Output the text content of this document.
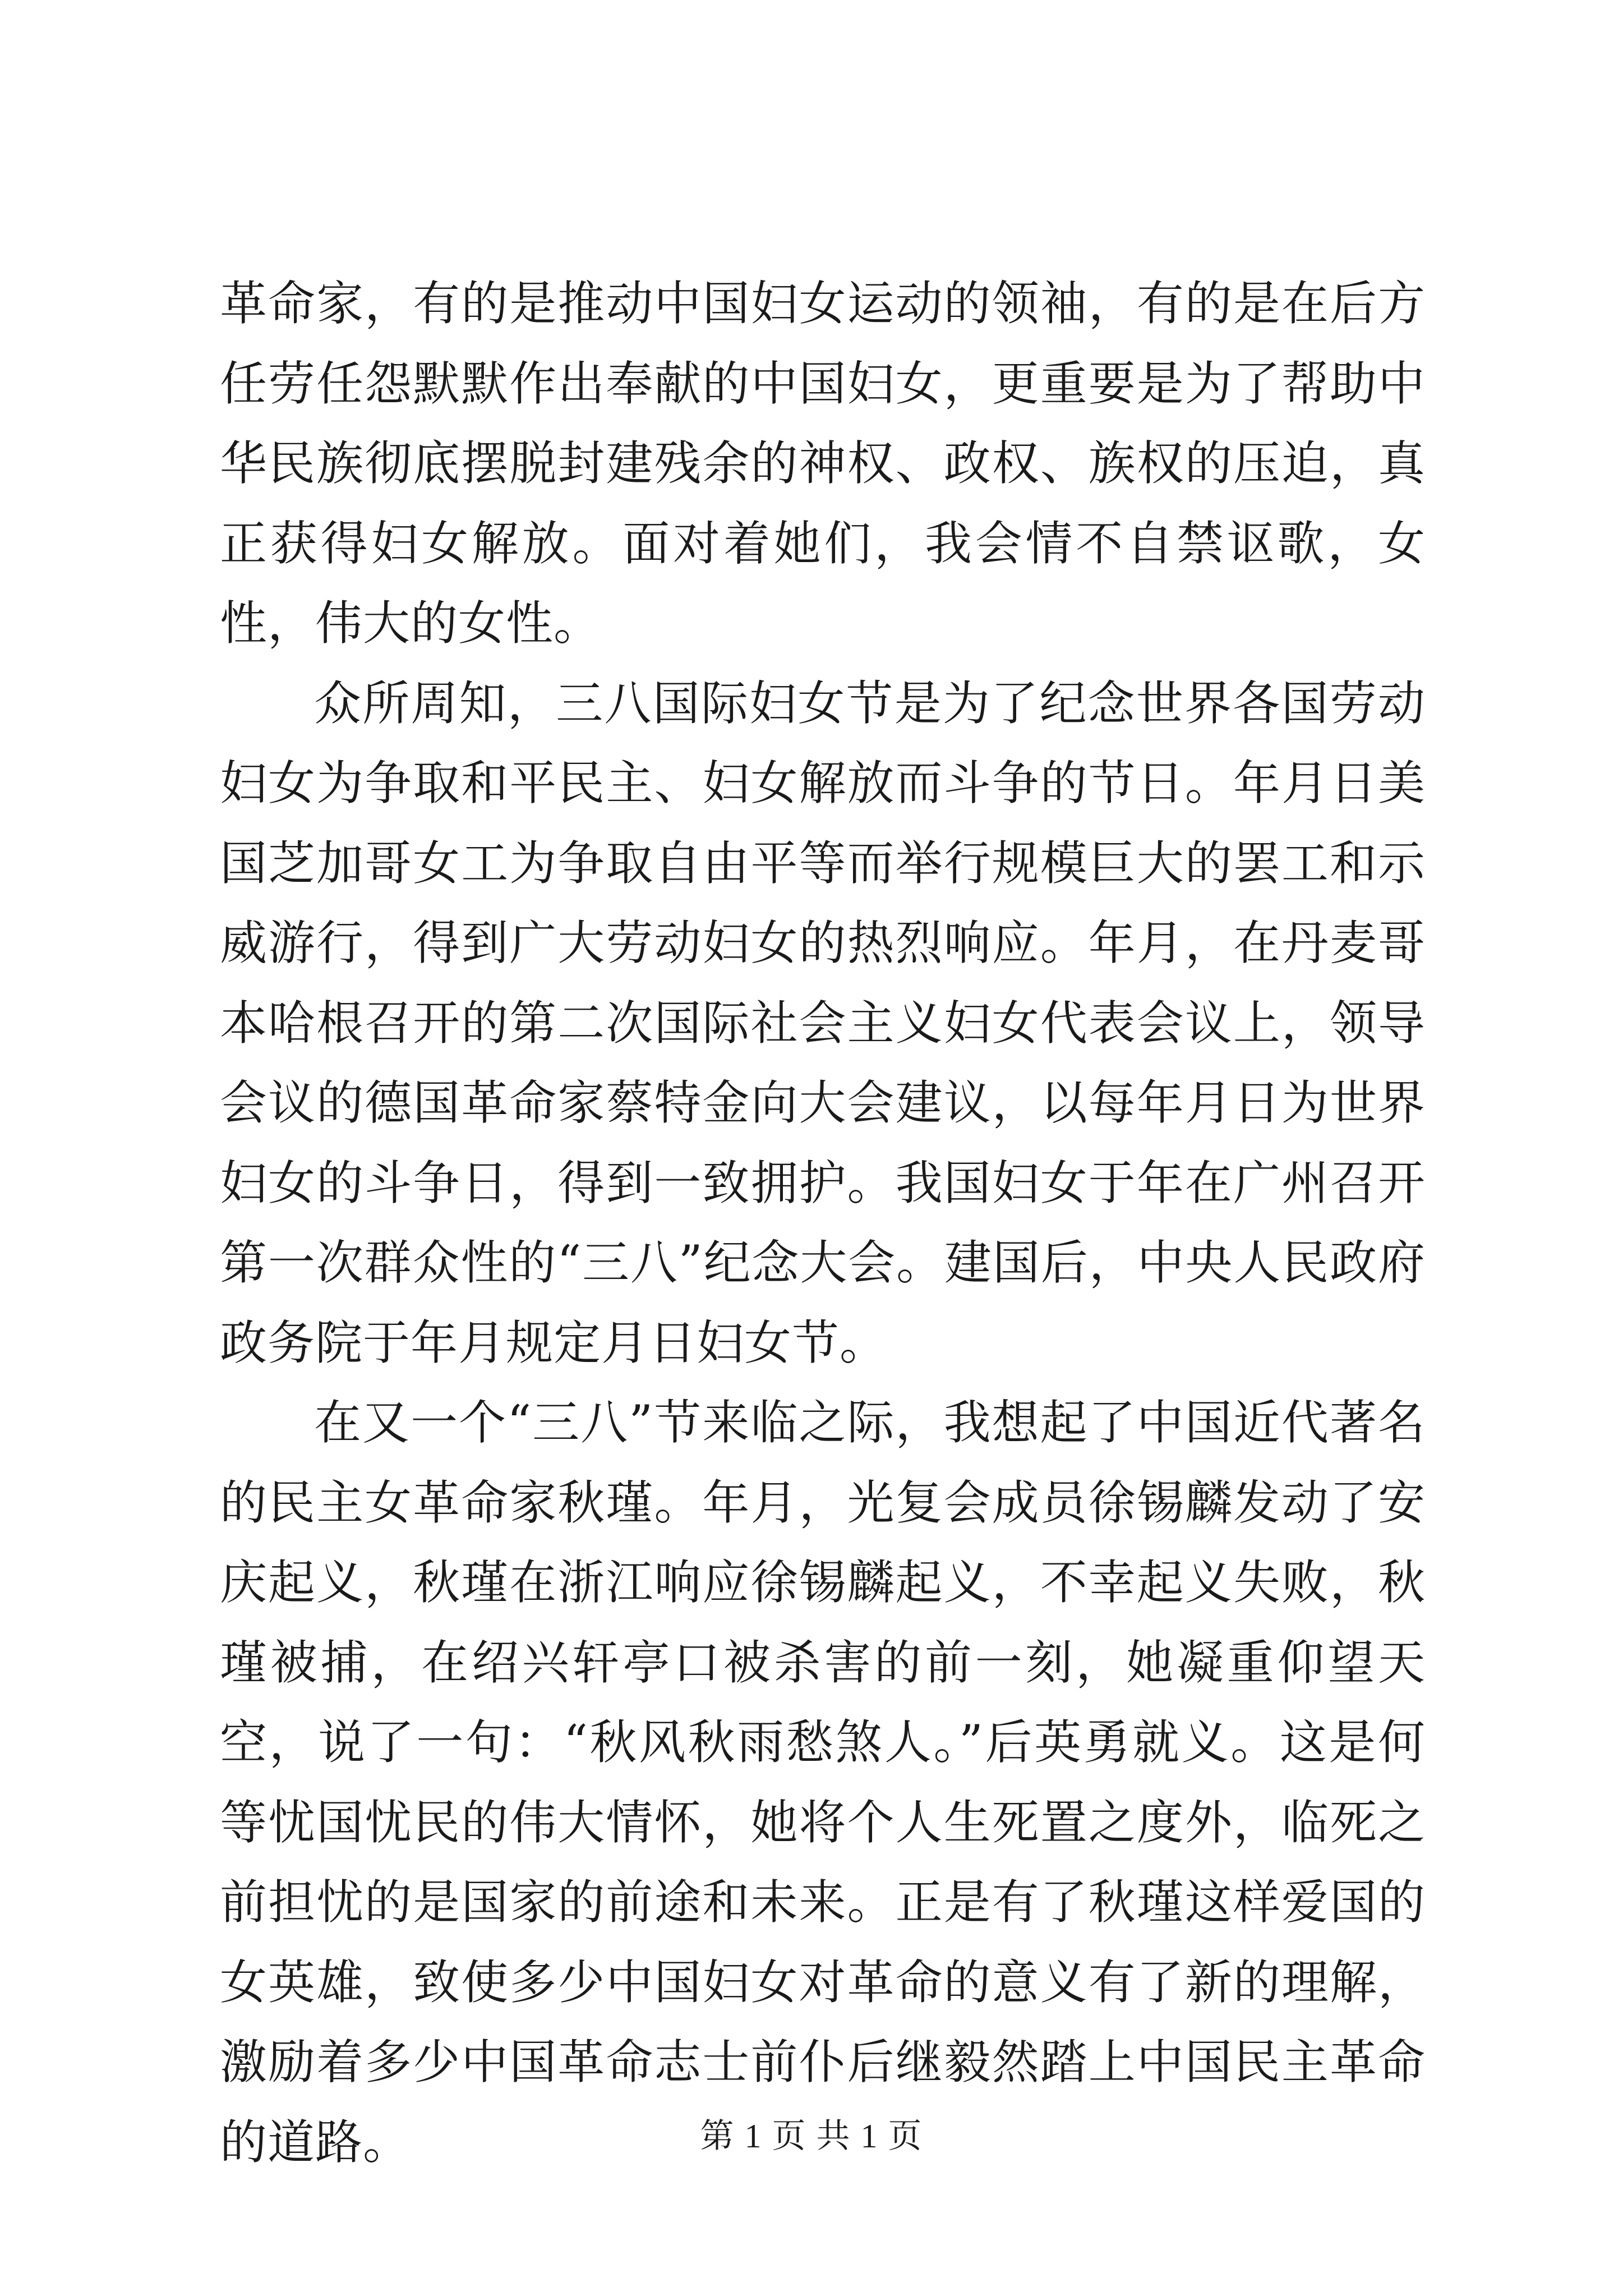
革命家，有的是推动中国妇女运动的领袖，有的是在后方任劳任怨默默作出奉献的中国妇女，更重要是为了帮助中华民族彻底摆脱封建残余的神权、政权、族权的压迫，真正获得妇女解放。面对着她们，我会情不自禁讴歌，女性，伟大的女性。

众所周知，三八国际妇女节是为了纪念世界各国劳动妇女为争取和平民主、妇女解放而斗争的节日。年月日美国芝加哥女工为争取自由平等而举行规模巨大的罢工和示威游行，得到广大劳动妇女的热烈响应。年月，在丹麦哥本哈根召开的第二次国际社会主义妇女代表会议上，领导会议的德国革命家蔡特金向大会建议，以每年月日为世界妇女的斗争日，得到一致拥护。我国妇女于年在广州召开第一次群众性的“三八”纪念大会。建国后，中央人民政府政务院于年月规定月日妇女节。

在又一个“三八”节来临之际，我想起了中国近代著名的民主女革命家秋瑾。年月，光复会成员徐锡麟发动了安庆起义，秋瑾在浙江响应徐锡麟起义，不幸起义失败，秋瑾被捕，在绍兴轩亭口被杀害的前一刻，她凝重仰望天空，说了一句：“秋风秋雨愁煞人。”后英勇就义。这是何等忧国忧民的伟大情怀，她将个人生死置之度外，临死之前担忧的是国家的前途和未来。正是有了秋瑾这样爱国的女英雄，致使多少中国妇女对革命的意义有了新的理解，激励着多少中国革命志士前仆后继毅然踏上中国民主革命的道路。	第 1 页 共 1 页
